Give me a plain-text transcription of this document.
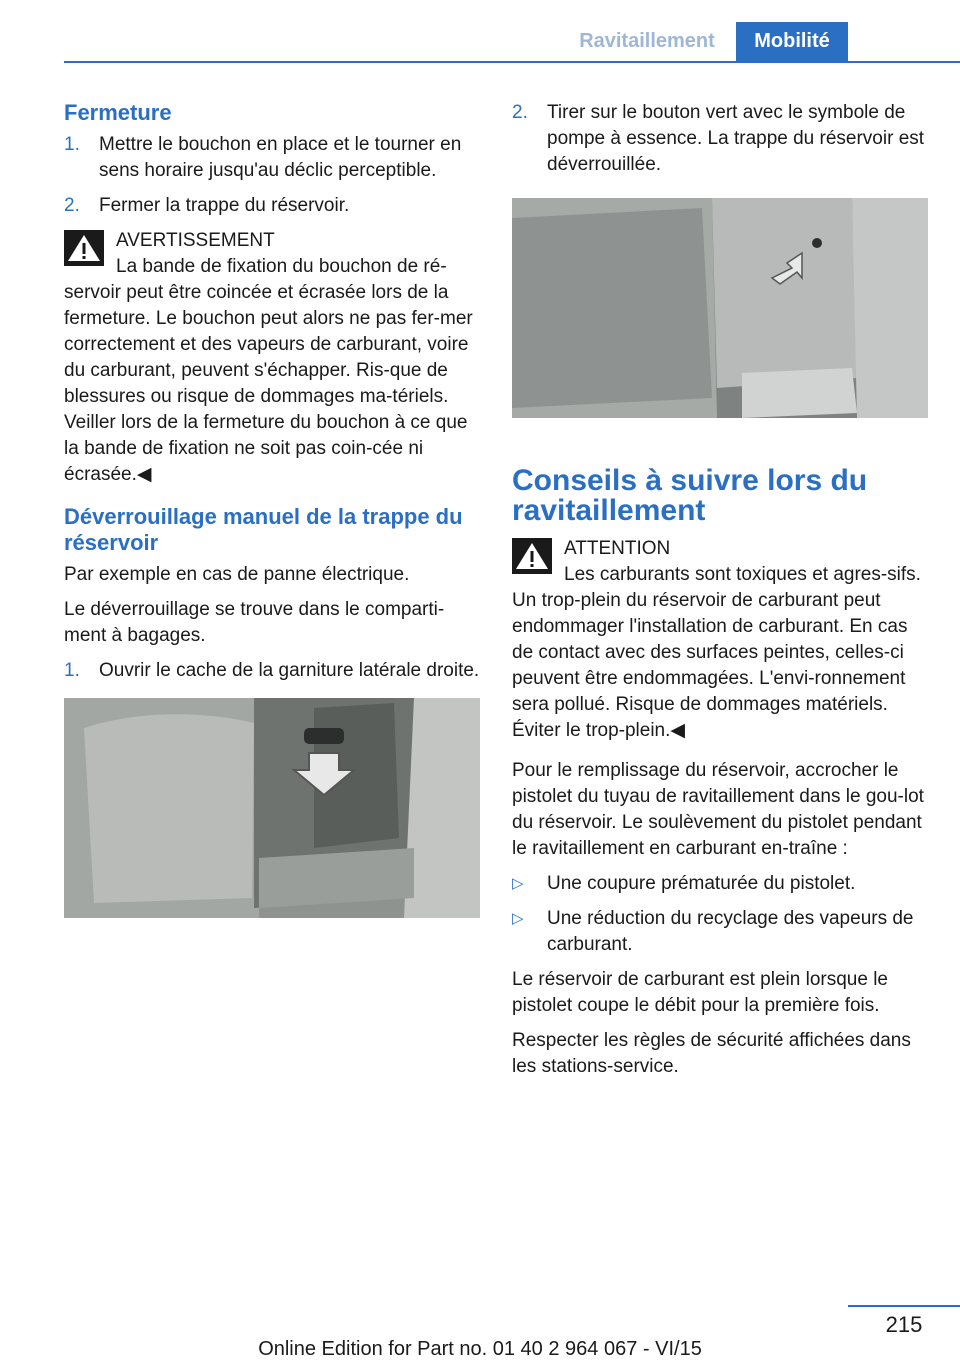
Ravitaillement	Mobilité
Fermeture
1. Mettre le bouchon en place et le tourner en sens horaire jusqu'au déclic perceptible.
2. Fermer la trappe du réservoir.
AVERTISSEMENT
La bande de fixation du bouchon de ré‐servoir peut être coincée et écrasée lors de la fermeture. Le bouchon peut alors ne pas fer‐mer correctement et des vapeurs de carburant, voire du carburant, peuvent s'échapper. Ris‐que de blessures ou risque de dommages ma‐tériels. Veiller lors de la fermeture du bouchon à ce que la bande de fixation ne soit pas coin‐cée ni écrasée.◀
Déverrouillage manuel de la trappe du réservoir

Par exemple en cas de panne électrique.

Le déverrouillage se trouve dans le comparti‐ment à bagages.

1. Ouvrir le cache de la garniture latérale droite.
2. Tirer sur le bouton vert avec le symbole de pompe à essence. La trappe du réservoir est déverrouillée.
Conseils à suivre lors du ravitaillement
ATTENTION
Les carburants sont toxiques et agres‐sifs. Un trop-plein du réservoir de carburant peut endommager l'installation de carburant. En cas de contact avec des surfaces peintes, celles-ci peuvent être endommagées. L'envi‐ronnement sera pollué. Risque de dommages matériels. Éviter le trop-plein.◀

Pour le remplissage du réservoir, accrocher le pistolet du tuyau de ravitaillement dans le gou‐lot du réservoir. Le soulèvement du pistolet pendant le ravitaillement en carburant en‐traîne :

▷ Une coupure prématurée du pistolet.
▷ Une réduction du recyclage des vapeurs de carburant.

Le réservoir de carburant est plein lorsque le pistolet coupe le débit pour la première fois.

Respecter les règles de sécurité affichées dans les stations-service.

215
Online Edition for Part no. 01 40 2 964 067 - VI/15
